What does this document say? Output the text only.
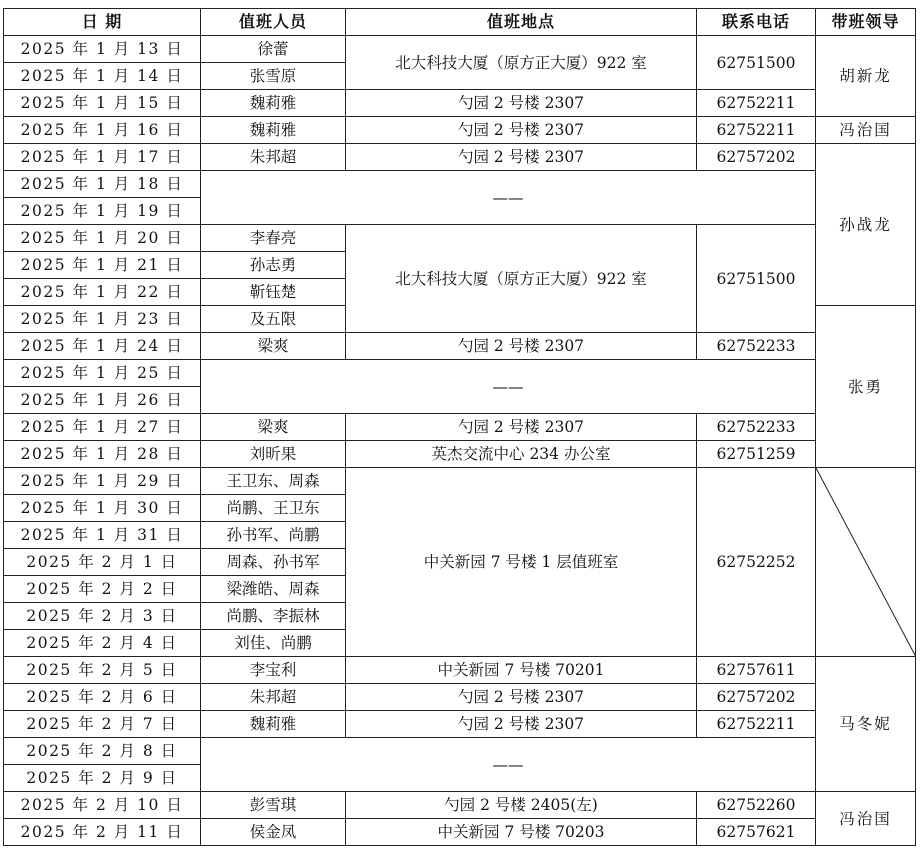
日 期	值班人员	值班地点	联系电话	带班领导
2025 年 1 月 13 日	徐蕾	北大科技大厦（原方正大厦）922 室	62751500	胡新龙
2025 年 1 月 14 日	张雪原			
2025 年 1 月 15 日	魏莉雅	勺园 2 号楼 2307	62752211	
2025 年 1 月 16 日	魏莉雅	勺园 2 号楼 2307	62752211	冯治国
2025 年 1 月 17 日	朱邦超	勺园 2 号楼 2307	62757202	孙战龙
2025 年 1 月 18 日	——			
2025 年 1 月 19 日				
2025 年 1 月 20 日	李春亮	北大科技大厦（原方正大厦）922 室	62751500	
2025 年 1 月 21 日	孙志勇			
2025 年 1 月 22 日	靳钰楚			
2025 年 1 月 23 日	及五限			张勇
2025 年 1 月 24 日	梁爽	勺园 2 号楼 2307	62752233	
2025 年 1 月 25 日	——			
2025 年 1 月 26 日				
2025 年 1 月 27 日	梁爽	勺园 2 号楼 2307	62752233	
2025 年 1 月 28 日	刘昕果	英杰交流中心 234 办公室	62751259	
2025 年 1 月 29 日	王卫东、周森	中关新园 7 号楼 1 层值班室	62752252	
2025 年 1 月 30 日	尚鹏、王卫东			
2025 年 1 月 31 日	孙书军、尚鹏			
2025 年 2 月 1 日	周森、孙书军			
2025 年 2 月 2 日	梁潍皓、周森			
2025 年 2 月 3 日	尚鹏、李振林			
2025 年 2 月 4 日	刘佳、尚鹏			
2025 年 2 月 5 日	李宝利	中关新园 7 号楼 70201	62757611	马冬妮
2025 年 2 月 6 日	朱邦超	勺园 2 号楼 2307	62757202	
2025 年 2 月 7 日	魏莉雅	勺园 2 号楼 2307	62752211	
2025 年 2 月 8 日	——			
2025 年 2 月 9 日				
2025 年 2 月 10 日	彭雪琪	勺园 2 号楼 2405(左)	62752260	冯治国
2025 年 2 月 11 日	侯金凤	中关新园 7 号楼 70203	62757621	
